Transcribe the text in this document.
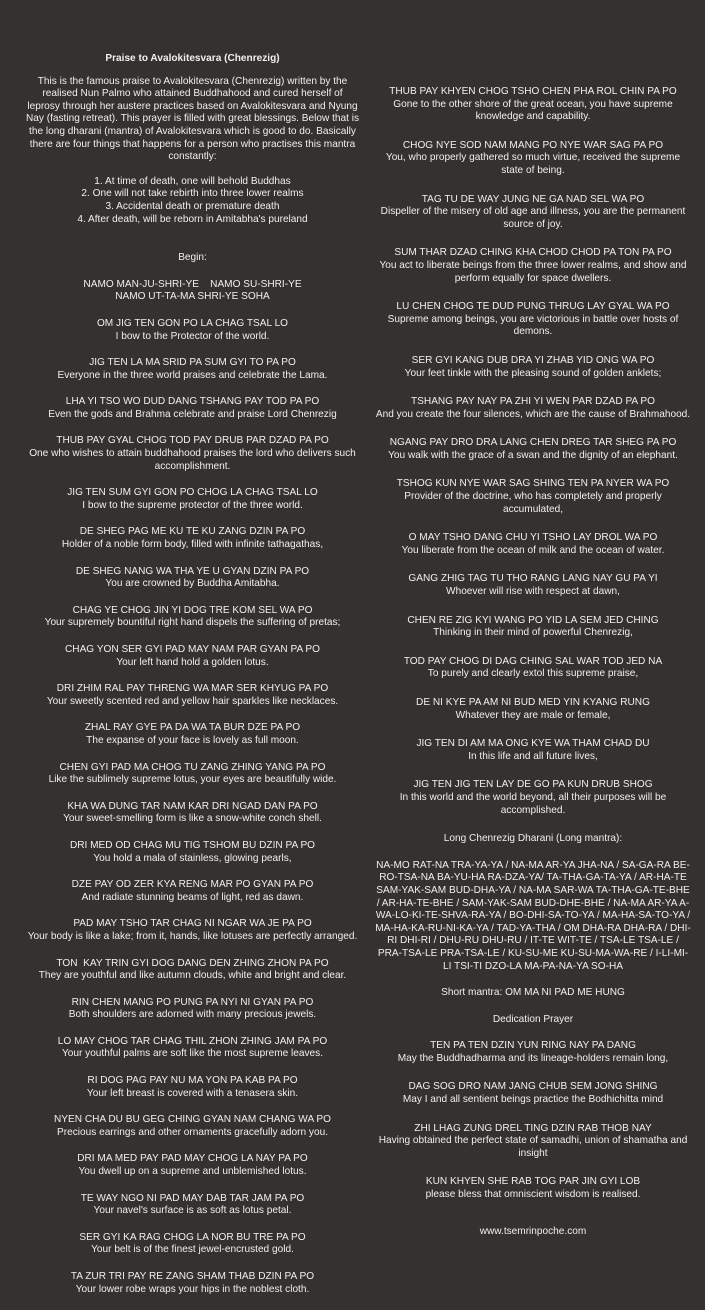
Praise to Avalokitesvara (Chenrezig)
This is the famous praise to Avalokitesvara (Chenrezig) written by the realised Nun Palmo who attained Buddhahood and cured herself of leprosy through her austere practices based on Avalokitesvara and Nyung Nay (fasting retreat). This prayer is filled with great blessings. Below that is the long dharani (mantra) of Avalokitesvara which is good to do. Basically there are four things that happens for a person who practises this mantra constantly:
1. At time of death, one will behold Buddhas
2. One will not take rebirth into three lower realms
3. Accidental death or premature death
4. After death, will be reborn in Amitabha's pureland
Begin:
NAMO MAN-JU-SHRI-YE    NAMO SU-SHRI-YE
NAMO UT-TA-MA SHRI-YE SOHA
OM JIG TEN GON PO LA CHAG TSAL LO
I bow to the Protector of the world.
JIG TEN LA MA SRID PA SUM GYI TO PA PO
Everyone in the three world praises and celebrate the Lama.
LHA YI TSO WO DUD DANG TSHANG PAY TOD PA PO
Even the gods and Brahma celebrate and praise Lord Chenrezig
THUB PAY GYAL CHOG TOD PAY DRUB PAR DZAD PA PO
One who wishes to attain buddhahood praises the lord who delivers such accomplishment.
JIG TEN SUM GYI GON PO CHOG LA CHAG TSAL LO
I bow to the supreme protector of the three world.
DE SHEG PAG ME KU TE KU ZANG DZIN PA PO
Holder of a noble form body, filled with infinite tathagathas,
DE SHEG NANG WA THA YE U GYAN DZIN PA PO
You are crowned by Buddha Amitabha.
CHAG YE CHOG JIN YI DOG TRE KOM SEL WA PO
Your supremely bountiful right hand dispels the suffering of pretas;
CHAG YON SER GYI PAD MAY NAM PAR GYAN PA PO
Your left hand hold a golden lotus.
DRI ZHIM RAL PAY THRENG WA MAR SER KHYUG PA PO
Your sweetly scented red and yellow hair sparkles like necklaces.
ZHAL RAY GYE PA DA WA TA BUR DZE PA PO
The expanse of your face is lovely as full moon.
CHEN GYI PAD MA CHOG TU ZANG ZHING YANG PA PO
Like the sublimely supreme lotus, your eyes are beautifully wide.
KHA WA DUNG TAR NAM KAR DRI NGAD DAN PA PO
Your sweet-smelling form is like a snow-white conch shell.
DRI MED OD CHAG MU TIG TSHOM BU DZIN PA PO
You hold a mala of stainless, glowing pearls,
DZE PAY OD ZER KYA RENG MAR PO GYAN PA PO
And radiate stunning beams of light, red as dawn.
PAD MAY TSHO TAR CHAG NI NGAR WA JE PA PO
Your body is like a lake; from it, hands, like lotuses are perfectly arranged.
TON  KAY TRIN GYI DOG DANG DEN ZHING ZHON PA PO
They are youthful and like autumn clouds, white and bright and clear.
RIN CHEN MANG PO PUNG PA NYI NI GYAN PA PO
Both shoulders are adorned with many precious jewels.
LO MAY CHOG TAR CHAG THIL ZHON ZHING JAM PA PO
Your youthful palms are soft like the most supreme leaves.
RI DOG PAG PAY NU MA YON PA KAB PA PO
Your left breast is covered with a tenasera skin.
NYEN CHA DU BU GEG CHING GYAN NAM CHANG WA PO
Precious earrings and other ornaments gracefully adorn you.
DRI MA MED PAY PAD MAY CHOG LA NAY PA PO
You dwell up on a supreme and unblemished lotus.
TE WAY NGO NI PAD MAY DAB TAR JAM PA PO
Your navel's surface is as soft as lotus petal.
SER GYI KA RAG CHOG LA NOR BU TRE PA PO
Your belt is of the finest jewel-encrusted gold.
TA ZUR TRI PAY RE ZANG SHAM THAB DZIN PA PO
Your lower robe wraps your hips in the noblest cloth.
THUB PAY KHYEN CHOG TSHO CHEN PHA ROL CHIN PA PO
Gone to the other shore of the great ocean, you have supreme knowledge and capability.
CHOG NYE SOD NAM MANG PO NYE WAR SAG PA PO
You, who properly gathered so much virtue, received the supreme state of being.
TAG TU DE WAY JUNG NE GA NAD SEL WA PO
Dispeller of the misery of old age and illness, you are the permanent source of joy.
SUM THAR DZAD CHING KHA CHOD CHOD PA TON PA PO
You act to liberate beings from the three lower realms, and show and perform equally for space dwellers.
LU CHEN CHOG TE DUD PUNG THRUG LAY GYAL WA PO
Supreme among beings, you are victorious in battle over hosts of demons.
SER GYI KANG DUB DRA YI ZHAB YID ONG WA PO
Your feet tinkle with the pleasing sound of golden anklets;
TSHANG PAY NAY PA ZHI YI WEN PAR DZAD PA PO
And you create the four silences, which are the cause of Brahmahood.
NGANG PAY DRO DRA LANG CHEN DREG TAR SHEG PA PO
You walk with the grace of a swan and the dignity of an elephant.
TSHOG KUN NYE WAR SAG SHING TEN PA NYER WA PO
Provider of the doctrine, who has completely and properly accumulated,
O MAY TSHO DANG CHU YI TSHO LAY DROL WA PO
You liberate from the ocean of milk and the ocean of water.
GANG ZHIG TAG TU THO RANG LANG NAY GU PA YI
Whoever will rise with respect at dawn,
CHEN RE ZIG KYI WANG PO YID LA SEM JED CHING
Thinking in their mind of powerful Chenrezig,
TOD PAY CHOG DI DAG CHING SAL WAR TOD JED NA
To purely and clearly extol this supreme praise,
DE NI KYE PA AM NI BUD MED YIN KYANG RUNG
Whatever they are male or female,
JIG TEN DI AM MA ONG KYE WA THAM CHAD DU
In this life and all future lives,
JIG TEN JIG TEN LAY DE GO PA KUN DRUB SHOG
In this world and the world beyond, all their purposes will be accomplished.
Long Chenrezig Dharani (Long mantra):
NA-MO RAT-NA TRA-YA-YA / NA-MA AR-YA JHA-NA / SA-GA-RA BE-RO-TSA-NA BA-YU-HA RA-DZA-YA/ TA-THA-GA-TA-YA / AR-HA-TE SAM-YAK-SAM BUD-DHA-YA / NA-MA SAR-WA TA-THA-GA-TE-BHE / AR-HA-TE-BHE / SAM-YAK-SAM BUD-DHE-BHE / NA-MA AR-YA A-WA-LO-KI-TE-SHVA-RA-YA / BO-DHI-SA-TO-YA / MA-HA-SA-TO-YA / MA-HA-KA-RU-NI-KA-YA / TAD-YA-THA / OM DHA-RA DHA-RA / DHI-RI DHI-RI / DHU-RU DHU-RU / IT-TE WIT-TE / TSA-LE TSA-LE / PRA-TSA-LE PRA-TSA-LE / KU-SU-ME KU-SU-MA-WA-RE / I-LI-MI-LI TSI-TI DZO-LA MA-PA-NA-YA SO-HA
Short mantra: OM MA NI PAD ME HUNG
Dedication Prayer
TEN PA TEN DZIN YUN RING NAY PA DANG
May the Buddhadharma and its lineage-holders remain long,
DAG SOG DRO NAM JANG CHUB SEM JONG SHING
May I and all sentient beings practice the Bodhichitta mind
ZHI LHAG ZUNG DREL TING DZIN RAB THOB NAY
Having obtained the perfect state of samadhi, union of shamatha and insight
KUN KHYEN SHE RAB TOG PAR JIN GYI LOB
please bless that omniscient wisdom is realised.
www.tsemrinpoche.com
